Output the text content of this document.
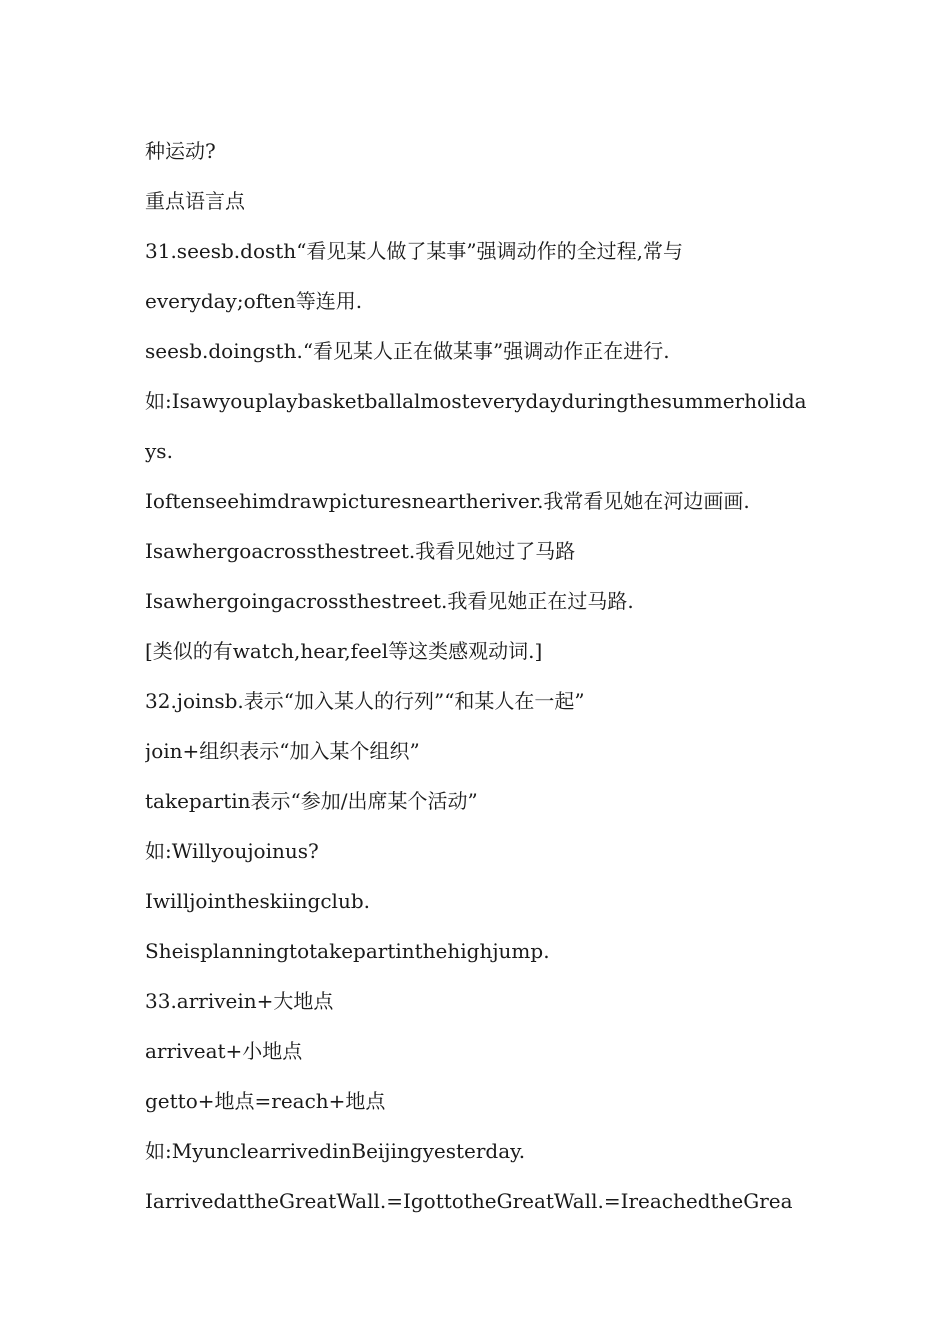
种运动?
重点语言点
31.seesb.dosth“看见某人做了某事”强调动作的全过程,常与
everyday;often等连用.
seesb.doingsth.“看见某人正在做某事”强调动作正在进行.
如:Isawyouplaybasketballalmosteverydayduringthesummerholida
ys.
Ioftenseehimdrawpicturesneartheriver.我常看见她在河边画画.
Isawhergoacrossthestreet.我看见她过了马路
Isawhergoingacrossthestreet.我看见她正在过马路.
[类似的有watch,hear,feel等这类感观动词.]
32.joinsb.表示“加入某人的行列”“和某人在一起”
join+组织表示“加入某个组织”
takepartin表示“参加/出席某个活动”
如:Willyoujoinus?
Iwilljointheskiingclub.
Sheisplanningtotakepartinthehighjump.
33.arrivein+大地点
arriveat+小地点
getto+地点=reach+地点
如:MyunclearrivedinBeijingyesterday.
IarrivedattheGreatWall.=IgottotheGreatWall.=IreachedtheGrea
